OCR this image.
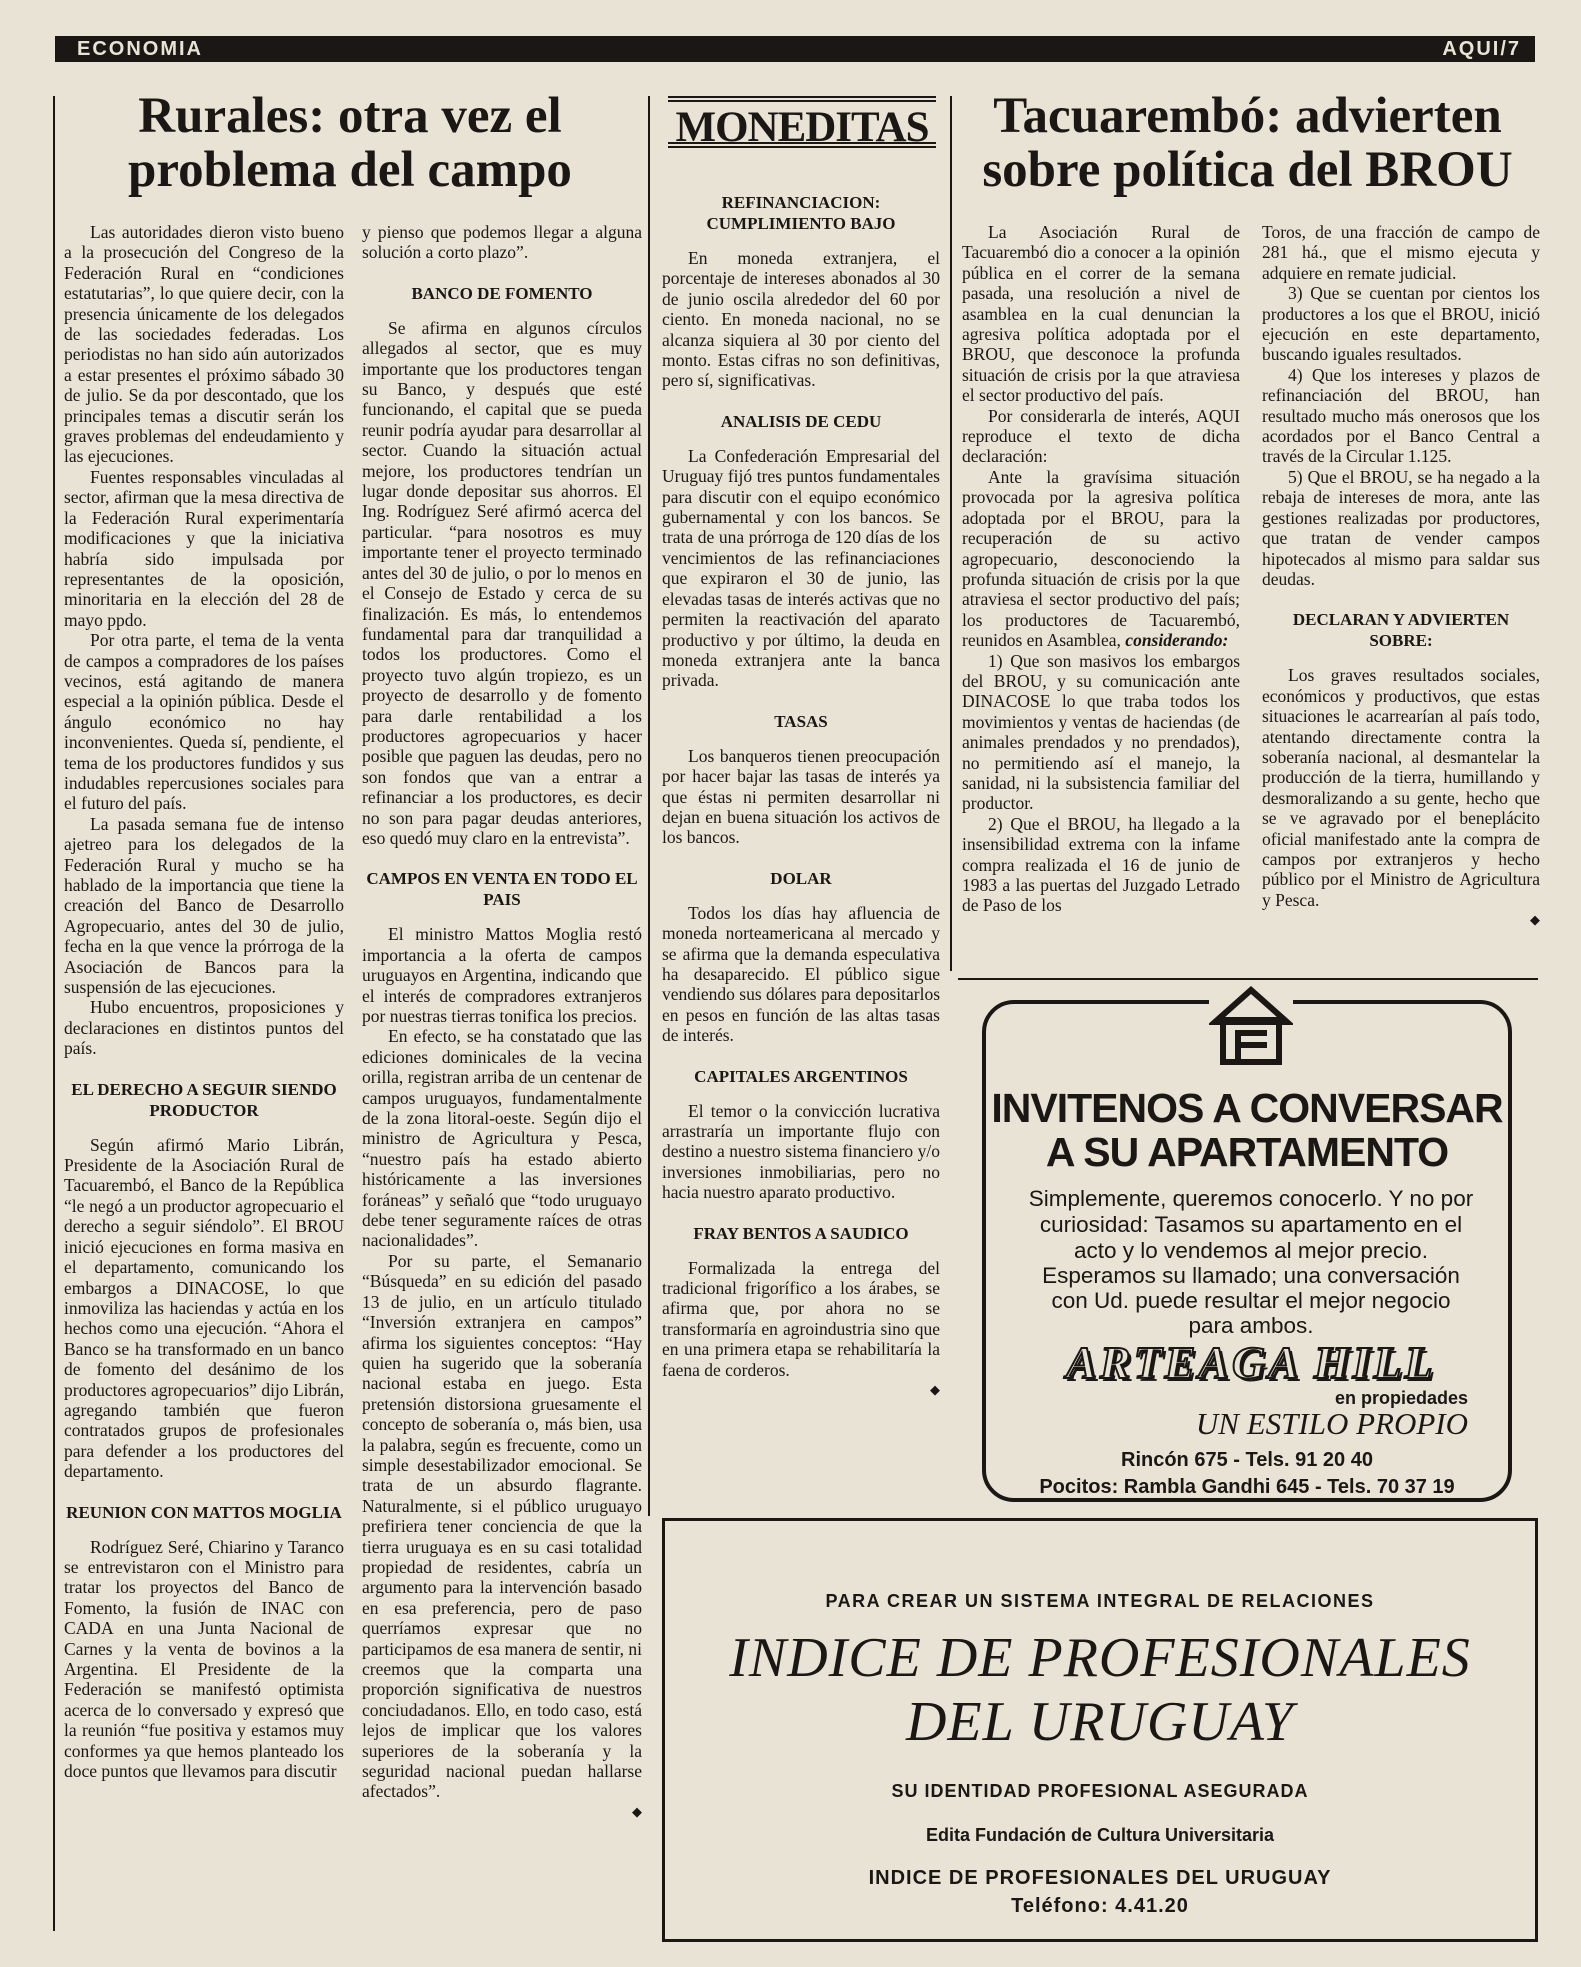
ECONOMIA	AQUI/7
Rurales: otra vez el problema del campo

Las autoridades dieron visto bueno a la prosecución del Congreso de la Federación Rural en “condiciones estatutarias”, lo que quiere decir, con la presencia únicamente de los delegados de las sociedades federadas. Los periodistas no han sido aún autorizados a estar presentes el próximo sábado 30 de julio. Se da por descontado, que los principales temas a discutir serán los graves problemas del endeudamiento y las ejecuciones.

Fuentes responsables vinculadas al sector, afirman que la mesa directiva de la Federación Rural experimentaría modificaciones y que la iniciativa habría sido impulsada por representantes de la oposición, minoritaria en la elección del 28 de mayo ppdo.

Por otra parte, el tema de la venta de campos a compradores de los países vecinos, está agitando de manera especial a la opinión pública. Desde el ángulo económico no hay inconvenientes. Queda sí, pendiente, el tema de los productores fundidos y sus indudables repercusiones sociales para el futuro del país.

La pasada semana fue de intenso ajetreo para los delegados de la Federación Rural y mucho se ha hablado de la importancia que tiene la creación del Banco de Desarrollo Agropecuario, antes del 30 de julio, fecha en la que vence la prórroga de la Asociación de Bancos para la suspensión de las ejecuciones.

Hubo encuentros, proposiciones y declaraciones en distintos puntos del país.

EL DERECHO A SEGUIR SIENDO PRODUCTOR

Según afirmó Mario Librán, Presidente de la Asociación Rural de Tacuarembó, el Banco de la República “le negó a un productor agropecuario el derecho a seguir siéndolo”. El BROU inició ejecuciones en forma masiva en el departamento, comunicando los embargos a DINACOSE, lo que inmoviliza las haciendas y actúa en los hechos como una ejecución. “Ahora el Banco se ha transformado en un banco de fomento del desánimo de los productores agropecuarios” dijo Librán, agregando también que fueron contratados grupos de profesionales para defender a los productores del departamento.

REUNION CON MATTOS MOGLIA

Rodríguez Seré, Chiarino y Taranco se entrevistaron con el Ministro para tratar los proyectos del Banco de Fomento, la fusión de INAC con CADA en una Junta Nacional de Carnes y la venta de bovinos a la Argentina. El Presidente de la Federación se manifestó optimista acerca de lo conversado y expresó que la reunión “fue positiva y estamos muy conformes ya que hemos planteado los doce puntos que llevamos para discutir

y pienso que podemos llegar a alguna solución a corto plazo”.

BANCO DE FOMENTO

Se afirma en algunos círculos allegados al sector, que es muy importante que los productores tengan su Banco, y después que esté funcionando, el capital que se pueda reunir podría ayudar para desarrollar al sector. Cuando la situación actual mejore, los productores tendrían un lugar donde depositar sus ahorros. El Ing. Rodríguez Seré afirmó acerca del particular. “para nosotros es muy importante tener el proyecto terminado antes del 30 de julio, o por lo menos en el Consejo de Estado y cerca de su finalización. Es más, lo entendemos fundamental para dar tranquilidad a todos los productores. Como el proyecto tuvo algún tropiezo, es un proyecto de desarrollo y de fomento para darle rentabilidad a los productores agropecuarios y hacer posible que paguen las deudas, pero no son fondos que van a entrar a refinanciar a los productores, es decir no son para pagar deudas anteriores, eso quedó muy claro en la entrevista”.

CAMPOS EN VENTA EN TODO EL PAIS

El ministro Mattos Moglia restó importancia a la oferta de campos uruguayos en Argentina, indicando que el interés de compradores extranjeros por nuestras tierras tonifica los precios.

En efecto, se ha constatado que las ediciones dominicales de la vecina orilla, registran arriba de un centenar de campos uruguayos, fundamentalmente de la zona litoral-oeste. Según dijo el ministro de Agricultura y Pesca, “nuestro país ha estado abierto históricamente a las inversiones foráneas” y señaló que “todo uruguayo debe tener seguramente raíces de otras nacionalidades”.

Por su parte, el Semanario “Búsqueda” en su edición del pasado 13 de julio, en un artículo titulado “Inversión extranjera en campos” afirma los siguientes conceptos: “Hay quien ha sugerido que la soberanía nacional estaba en juego. Esta pretensión distorsiona gruesamente el concepto de soberanía o, más bien, usa la palabra, según es frecuente, como un simple desestabilizador emocional. Se trata de un absurdo flagrante. Naturalmente, si el público uruguayo prefiriera tener conciencia de que la tierra uruguaya es en su casi totalidad propiedad de residentes, cabría un argumento para la intervención basado en esa preferencia, pero de paso querríamos expresar que no participamos de esa manera de sentir, ni creemos que la comparta una proporción significativa de nuestros conciudadanos. Ello, en todo caso, está lejos de implicar que los valores superiores de la soberanía y la seguridad nacional puedan hallarse afectados”.

◆

MONEDITAS

REFINANCIACION: CUMPLIMIENTO BAJO

En moneda extranjera, el porcentaje de intereses abonados al 30 de junio oscila alrededor del 60 por ciento. En moneda nacional, no se alcanza siquiera al 30 por ciento del monto. Estas cifras no son definitivas, pero sí, significativas.

ANALISIS DE CEDU

La Confederación Empresarial del Uruguay fijó tres puntos fundamentales para discutir con el equipo económico gubernamental y con los bancos. Se trata de una prórroga de 120 días de los vencimientos de las refinanciaciones que expiraron el 30 de junio, las elevadas tasas de interés activas que no permiten la reactivación del aparato productivo y por último, la deuda en moneda extranjera ante la banca privada.

TASAS

Los banqueros tienen preocupación por hacer bajar las tasas de interés ya que éstas ni permiten desarrollar ni dejan en buena situación los activos de los bancos.

DOLAR

Todos los días hay afluencia de moneda norteamericana al mercado y se afirma que la demanda especulativa ha desaparecido. El público sigue vendiendo sus dólares para depositarlos en pesos en función de las altas tasas de interés.

CAPITALES ARGENTINOS

El temor o la convicción lucrativa arrastraría un importante flujo con destino a nuestro sistema financiero y/o inversiones inmobiliarias, pero no hacia nuestro aparato productivo.

FRAY BENTOS A SAUDICO

Formalizada la entrega del tradicional frigorífico a los árabes, se afirma que, por ahora no se transformaría en agroindustria sino que en una primera etapa se rehabilitaría la faena de corderos.

◆

Tacuarembó: advierten sobre política del BROU

La Asociación Rural de Tacuarembó dio a conocer a la opinión pública en el correr de la semana pasada, una resolución a nivel de asamblea en la cual denuncian la agresiva política adoptada por el BROU, que desconoce la profunda situación de crisis por la que atraviesa el sector productivo del país.

Por considerarla de interés, AQUI reproduce el texto de dicha declaración:

Ante la gravísima situación provocada por la agresiva política adoptada por el BROU, para la recuperación de su activo agropecuario, desconociendo la profunda situación de crisis por la que atraviesa el sector productivo del país; los productores de Tacuarembó, reunidos en Asamblea, considerando:

1) Que son masivos los embargos del BROU, y su comunicación ante DINACOSE lo que traba todos los movimientos y ventas de haciendas (de animales prendados y no prendados), no permitiendo así el manejo, la sanidad, ni la subsistencia familiar del productor.

2) Que el BROU, ha llegado a la insensibilidad extrema con la infame compra realizada el 16 de junio de 1983 a las puertas del Juzgado Letrado de Paso de los

Toros, de una fracción de campo de 281 há., que el mismo ejecuta y adquiere en remate judicial.

3) Que se cuentan por cientos los productores a los que el BROU, inició ejecución en este departamento, buscando iguales resultados.

4) Que los intereses y plazos de refinanciación del BROU, han resultado mucho más onerosos que los acordados por el Banco Central a través de la Circular 1.125.

5) Que el BROU, se ha negado a la rebaja de intereses de mora, ante las gestiones realizadas por productores, que tratan de vender campos hipotecados al mismo para saldar sus deudas.

DECLARAN Y ADVIERTEN SOBRE:

Los graves resultados sociales, económicos y productivos, que estas situaciones le acarrearían al país todo, atentando directamente contra la soberanía nacional, al desmantelar la producción de la tierra, humillando y desmoralizando a su gente, hecho que se ve agravado por el beneplácito oficial manifestado ante la compra de campos por extranjeros y hecho público por el Ministro de Agricultura y Pesca.

◆

INVITENOS A CONVERSAR
A SU APARTAMENTO
Simplemente, queremos conocerlo. Y no por
curiosidad: Tasamos su apartamento en el
acto y lo vendemos al mejor precio.
Esperamos su llamado; una conversación
con Ud. puede resultar el mejor negocio
para ambos.
ARTEAGA HILL
en propiedades
UN ESTILO PROPIO
Rincón 675 - Tels. 91 20 40
Pocitos: Rambla Gandhi 645 - Tels. 70 37 19
PARA CREAR UN SISTEMA INTEGRAL DE RELACIONES
INDICE DE PROFESIONALES
DEL URUGUAY
SU IDENTIDAD PROFESIONAL ASEGURADA
Edita Fundación de Cultura Universitaria
INDICE DE PROFESIONALES DEL URUGUAY
Teléfono: 4.41.20
